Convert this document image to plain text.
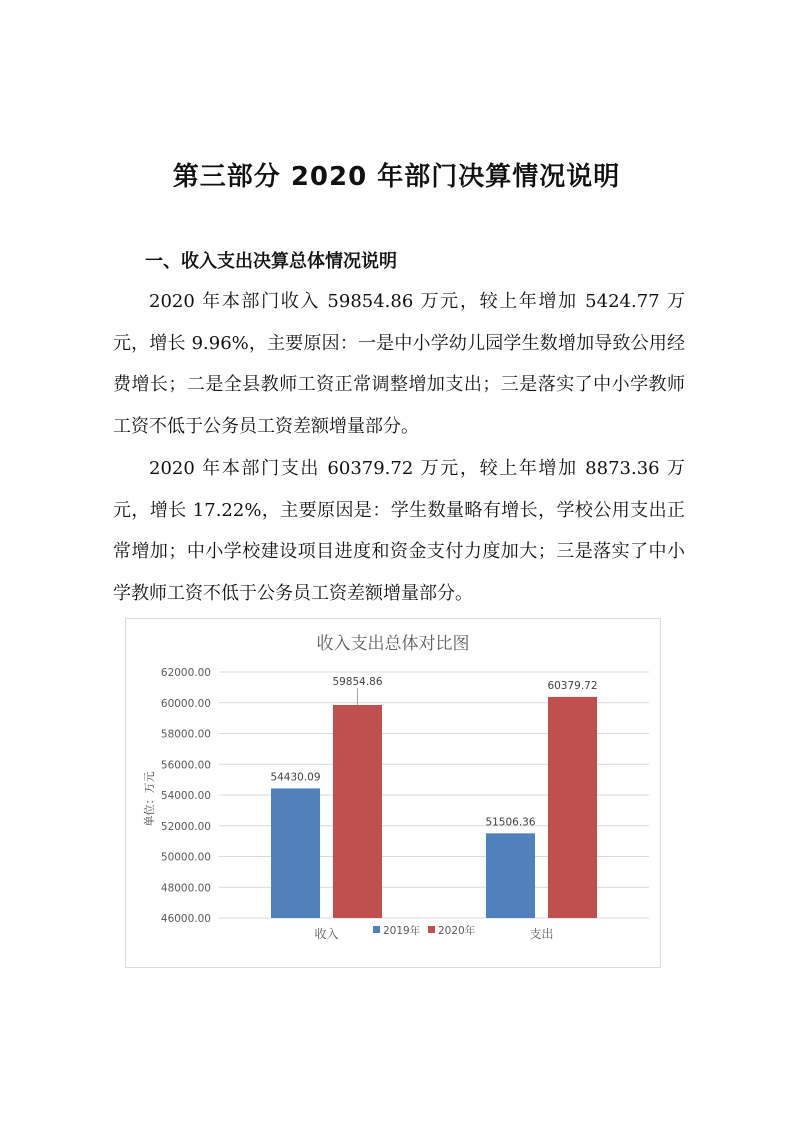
第三部分 2020 年部门决算情况说明
一、收入支出决算总体情况说明

2020 年本部门收入 59854.86 万元，较上年增加 5424.77 万元，增长 9.96%，主要原因：一是中小学幼儿园学生数增加导致公用经费增长；二是全县教师工资正常调整增加支出；三是落实了中小学教师工资不低于公务员工资差额增量部分。

2020 年本部门支出 60379.72 万元，较上年增加 8873.36 万元，增长 17.22%，主要原因是：学生数量略有增长，学校公用支出正常增加；中小学校建设项目进度和资金支付力度加大；三是落实了中小学教师工资不低于公务员工资差额增量部分。

收入支出总体对比图
单位：万元
46000.00
48000.00
50000.00
52000.00
54000.00
56000.00
58000.00
60000.00
62000.00
收入
54430.09
59854.86
支出
51506.36
60379.72
2019年 2020年
